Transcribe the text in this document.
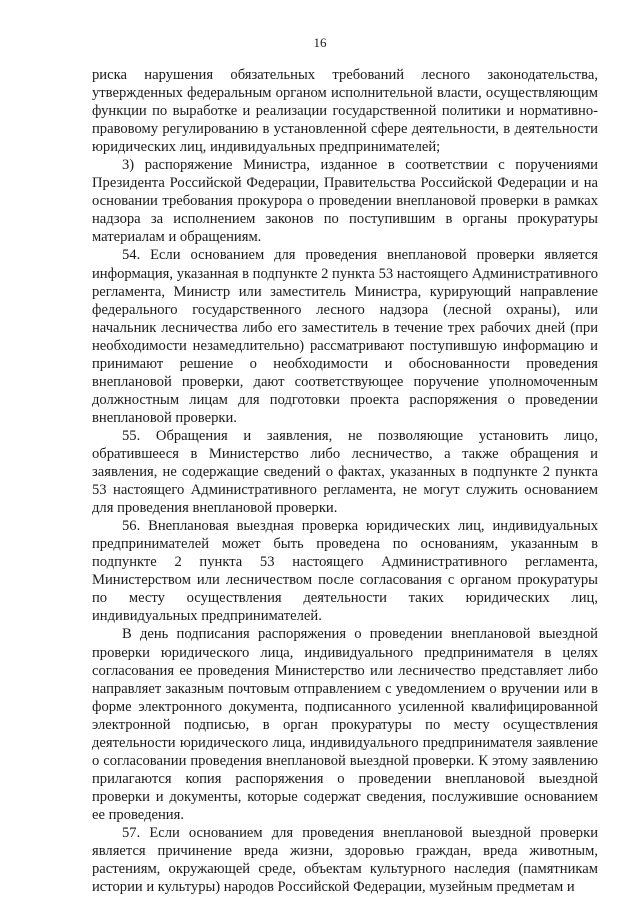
16

риска нарушения обязательных требований лесного законодательства, утвержденных федеральным органом исполнительной власти, осуществляющим функции по выработке и реализации государственной политики и нормативно-правовому регулированию в установленной сфере деятельности, в деятельности юридических лиц, индивидуальных предпринимателей;

3) распоряжение Министра, изданное в соответствии с поручениями Президента Российской Федерации, Правительства Российской Федерации и на основании требования прокурора о проведении внеплановой проверки в рамках надзора за исполнением законов по поступившим в органы прокуратуры материалам и обращениям.

54. Если основанием для проведения внеплановой проверки является информация, указанная в подпункте 2 пункта 53 настоящего Административного регламента, Министр или заместитель Министра, курирующий направление федерального государственного лесного надзора (лесной охраны), или начальник лесничества либо его заместитель в течение трех рабочих дней (при необходимости незамедлительно) рассматривают поступившую информацию и принимают решение о необходимости и обоснованности проведения внеплановой проверки, дают соответствующее поручение уполномоченным должностным лицам для подготовки проекта распоряжения о проведении внеплановой проверки.

55. Обращения и заявления, не позволяющие установить лицо, обратившееся в Министерство либо лесничество, а также обращения и заявления, не содержащие сведений о фактах, указанных в подпункте 2 пункта 53 настоящего Административного регламента, не могут служить основанием для проведения внеплановой проверки.

56. Внеплановая выездная проверка юридических лиц, индивидуальных предпринимателей может быть проведена по основаниям, указанным в подпункте 2 пункта 53 настоящего Административного регламента, Министерством или лесничеством после согласования с органом прокуратуры по месту осуществления деятельности таких юридических лиц, индивидуальных предпринимателей.

В день подписания распоряжения о проведении внеплановой выездной проверки юридического лица, индивидуального предпринимателя в целях согласования ее проведения Министерство или лесничество представляет либо направляет заказным почтовым отправлением с уведомлением о вручении или в форме электронного документа, подписанного усиленной квалифицированной электронной подписью, в орган прокуратуры по месту осуществления деятельности юридического лица, индивидуального предпринимателя заявление о согласовании проведения внеплановой выездной проверки. К этому заявлению прилагаются копия распоряжения о проведении внеплановой выездной проверки и документы, которые содержат сведения, послужившие основанием ее проведения.

57. Если основанием для проведения внеплановой выездной проверки является причинение вреда жизни, здоровью граждан, вреда животным, растениям, окружающей среде, объектам культурного наследия (памятникам истории и культуры) народов Российской Федерации, музейным предметам и
